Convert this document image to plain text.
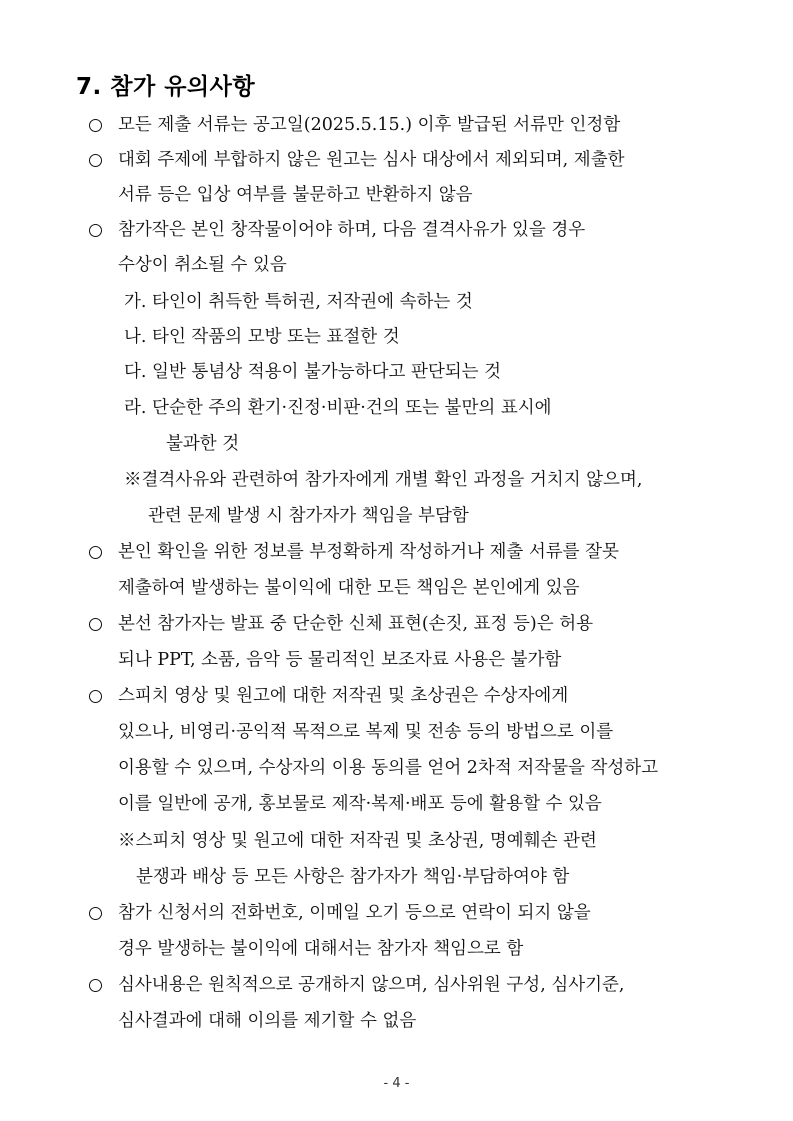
7. 참가 유의사항
모든 제출 서류는 공고일(2025.5.15.) 이후 발급된 서류만 인정함
대회 주제에 부합하지 않은 원고는 심사 대상에서 제외되며, 제출한
서류 등은 입상 여부를 불문하고 반환하지 않음
참가작은 본인 창작물이어야 하며, 다음 결격사유가 있을 경우
수상이 취소될 수 있음
가. 타인이 취득한 특허권, 저작권에 속하는 것
나. 타인 작품의 모방 또는 표절한 것
다. 일반 통념상 적용이 불가능하다고 판단되는 것
라. 단순한 주의 환기·진정·비판·건의 또는 불만의 표시에
불과한 것
※결격사유와 관련하여 참가자에게 개별 확인 과정을 거치지 않으며,
관련 문제 발생 시 참가자가 책임을 부담함
본인 확인을 위한 정보를 부정확하게 작성하거나 제출 서류를 잘못
제출하여 발생하는 불이익에 대한 모든 책임은 본인에게 있음
본선 참가자는 발표 중 단순한 신체 표현(손짓, 표정 등)은 허용
되나 PPT, 소품, 음악 등 물리적인 보조자료 사용은 불가함
스피치 영상 및 원고에 대한 저작권 및 초상권은 수상자에게
있으나, 비영리·공익적 목적으로 복제 및 전송 등의 방법으로 이를
이용할 수 있으며, 수상자의 이용 동의를 얻어 2차적 저작물을 작성하고
이를 일반에 공개, 홍보물로 제작·복제·배포 등에 활용할 수 있음
※스피치 영상 및 원고에 대한 저작권 및 초상권, 명예훼손 관련
분쟁과 배상 등 모든 사항은 참가자가 책임·부담하여야 함
참가 신청서의 전화번호, 이메일 오기 등으로 연락이 되지 않을
경우 발생하는 불이익에 대해서는 참가자 책임으로 함
심사내용은 원칙적으로 공개하지 않으며, 심사위원 구성, 심사기준,
심사결과에 대해 이의를 제기할 수 없음
- 4 -
